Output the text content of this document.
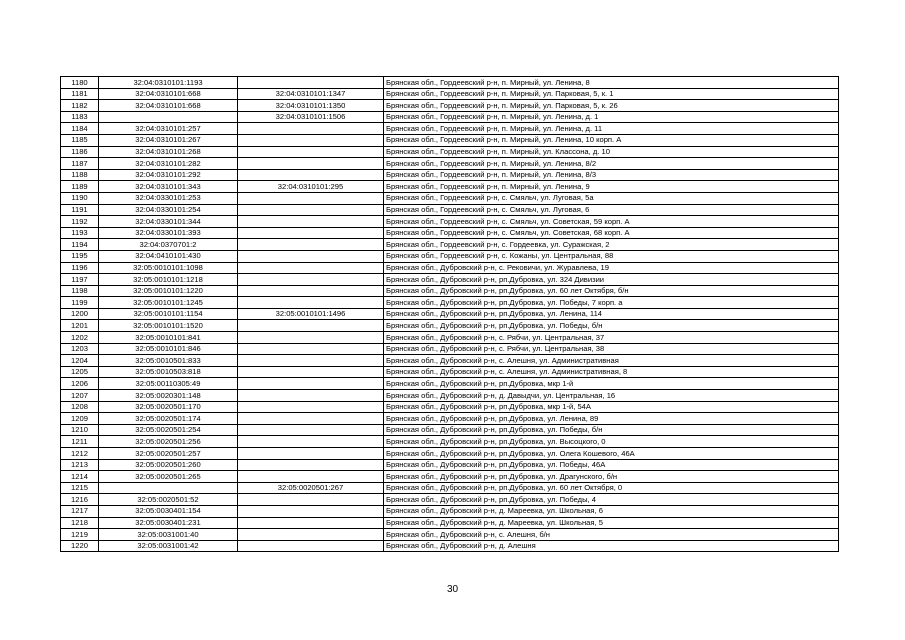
1180	32:04:0310101:1193		Брянская обл., Гордеевский р-н, п. Мирный, ул. Ленина, 8
1181	32:04:0310101:668	32:04:0310101:1347	Брянская обл., Гордеевский р-н, п. Мирный, ул. Парковая, 5, к. 1
1182	32:04:0310101:668	32:04:0310101:1350	Брянская обл., Гордеевский р-н, п. Мирный, ул. Парковая, 5, к. 26
1183		32:04:0310101:1506	Брянская обл., Гордеевский р-н, п. Мирный, ул. Ленина, д. 1
1184	32:04:0310101:257		Брянская обл., Гордеевский р-н, п. Мирный, ул. Ленина, д. 11
1185	32:04:0310101:267		Брянская обл., Гордеевский р-н, п. Мирный, ул. Ленина, 10 корп. А
1186	32:04:0310101:268		Брянская обл., Гордеевский р-н, п. Мирный, ул. Классона, д. 10
1187	32:04:0310101:282		Брянская обл., Гордеевский р-н, п. Мирный, ул. Ленина, 8/2
1188	32:04:0310101:292		Брянская обл., Гордеевский р-н, п. Мирный, ул. Ленина, 8/3
1189	32:04:0310101:343	32:04:0310101:295	Брянская обл., Гордеевский р-н, п. Мирный, ул. Ленина, 9
1190	32:04:0330101:253		Брянская обл., Гордеевский р-н, с. Смяльч, ул. Луговая, 5а
1191	32:04:0330101:254		Брянская обл., Гордеевский р-н, с. Смяльч, ул. Луговая, 6
1192	32:04:0330101:344		Брянская обл., Гордеевский р-н, с. Смяльч, ул. Советская, 59 корп. А
1193	32:04:0330101:393		Брянская обл., Гордеевский р-н, с. Смяльч, ул. Советская, 68 корп. А
1194	32:04:0370701:2		Брянская обл., Гордеевский р-н, с. Гордеевка, ул. Суражская, 2
1195	32:04:0410101:430		Брянская обл., Гордеевский р-н, с. Кожаны, ул. Центральная, 88
1196	32:05:0010101:1098		Брянская обл., Дубровский р-н, с. Рековичи, ул. Журавлева, 19
1197	32:05:0010101:1218		Брянская обл., Дубровский р-н, рп.Дубровка, ул. 324 Дивизии
1198	32:05:0010101:1220		Брянская обл., Дубровский р-н, рп.Дубровка, ул. 60 лет Октября, б/н
1199	32:05:0010101:1245		Брянская обл., Дубровский р-н, рп.Дубровка, ул. Победы, 7 корп. а
1200	32:05:0010101:1154	32:05:0010101:1496	Брянская обл., Дубровский р-н, рп.Дубровка, ул. Ленина, 114
1201	32:05:0010101:1520		Брянская обл., Дубровский р-н, рп.Дубровка, ул. Победы, б/н
1202	32:05:0010101:841		Брянская обл., Дубровский р-н, с. Рябчи, ул. Центральная, 37
1203	32:05:0010101:846		Брянская обл., Дубровский р-н, с. Рябчи, ул. Центральная, 38
1204	32:05:0010501:833		Брянская обл., Дубровский р-н, с. Алешня, ул. Административная
1205	32:05:0010503:818		Брянская обл., Дубровский р-н, с. Алешня, ул. Административная, 8
1206	32:05:00110305:49		Брянская обл., Дубровский р-н, рп.Дубровка, мкр 1-й
1207	32:05:0020301:148		Брянская обл., Дубровский р-н, д. Давыдчи, ул. Центральная, 16
1208	32:05:0020501:170		Брянская обл., Дубровский р-н, рп.Дубровка, мкр 1-й, 54А
1209	32:05:0020501:174		Брянская обл., Дубровский р-н, рп.Дубровка, ул. Ленина, 89
1210	32:05:0020501:254		Брянская обл., Дубровский р-н, рп.Дубровка, ул. Победы, б/н
1211	32:05:0020501:256		Брянская обл., Дубровский р-н, рп.Дубровка, ул. Высоцкого, 0
1212	32:05:0020501:257		Брянская обл., Дубровский р-н, рп.Дубровка, ул. Олега Кошевого, 46А
1213	32:05:0020501:260		Брянская обл., Дубровский р-н, рп.Дубровка, ул. Победы, 46А
1214	32:05:0020501:265		Брянская обл., Дубровский р-н, рп.Дубровка, ул. Драгунского, б/н
1215		32:05:0020501:267	Брянская обл., Дубровский р-н, рп.Дубровка, ул. 60 лет Октября, 0
1216	32:05:0020501:52		Брянская обл., Дубровский р-н, рп.Дубровка, ул. Победы, 4
1217	32:05:0030401:154		Брянская обл., Дубровский р-н, д. Мареевка, ул. Школьная, 6
1218	32:05:0030401:231		Брянская обл., Дубровский р-н, д. Мареевка, ул. Школьная, 5
1219	32:05:0031001:40		Брянская обл., Дубровский р-н, с. Алешня, б/н
1220	32:05:0031001:42		Брянская обл., Дубровский р-н, д. Алешня
30
